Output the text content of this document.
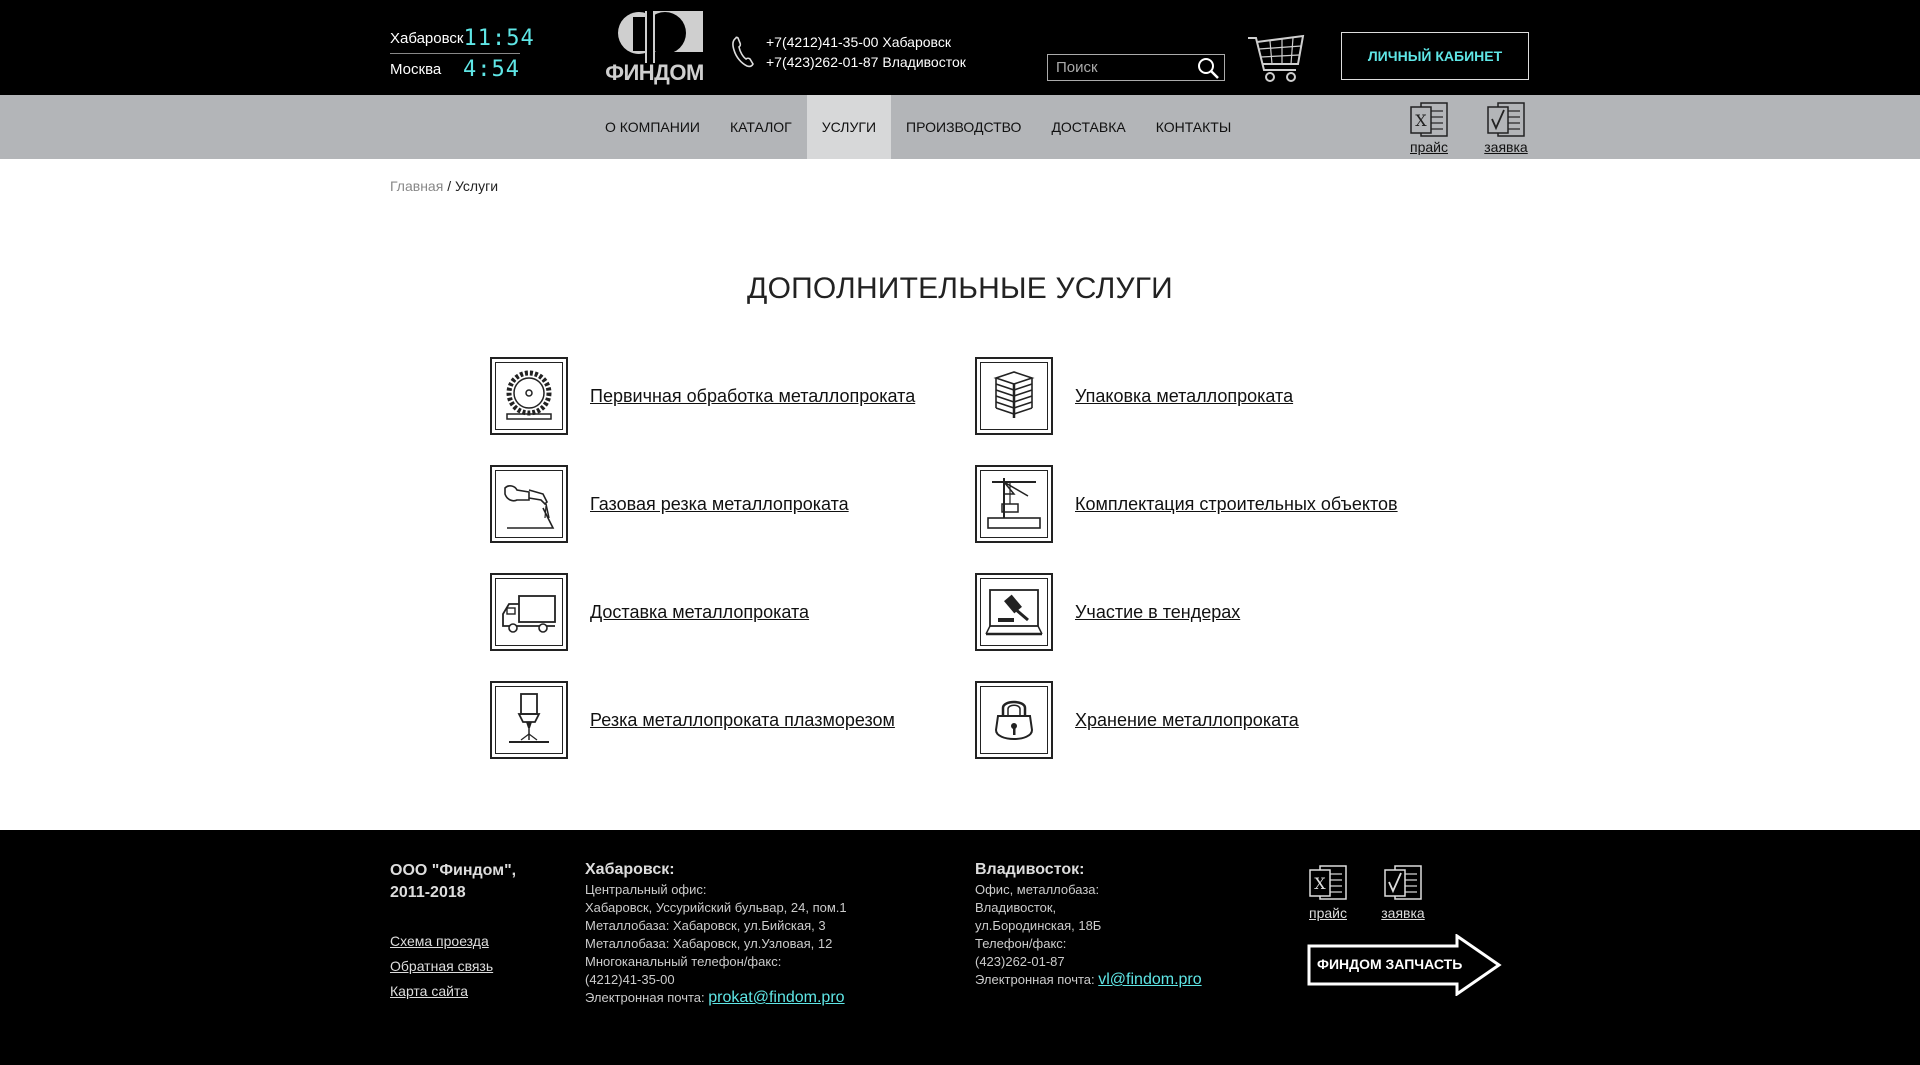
Хабаровск 11:54
Москва 4:54	ФИНДОМ
+7(4212)41-35-00 Хабаровск
+7(423)262-01-87 Владивосток
Поиск	ЛИЧНЫЙ КАБИНЕТ
О КОМПАНИИ	КАТАЛОГ	УСЛУГИ	ПРОИЗВОДСТВО	ДОСТАВКА	КОНТАКТЫ	X
прайс	заявка
Главная / Услуги
ДОПОЛНИТЕЛЬНЫЕ УСЛУГИ
Первичная обработка металлопроката	Упаковка металлопроката
Газовая резка металлопроката	Комплектация строительных объектов
Доставка металлопроката	Участие в тендерах
Резка металлопроката плазморезом	Хранение металлопроката
ООО "Финдом",
2011-2018
Схема проезда
Обратная связь
Карта сайта
Хабаровск:
Центральный офис:
Хабаровск, Уссурийский бульвар, 24, пом.1
Металлобаза: Хабаровск, ул.Бийская, 3
Металлобаза: Хабаровск, ул.Узловая, 12
Многоканальный телефон/факс:
(4212)41-35-00
Электронная почта: prokat@findom.pro
Владивосток:
Офис, металлобаза:
Владивосток,
ул.Бородинская, 18Б
Телефон/факс:
(423)262-01-87
Электронная почта: vl@findom.pro
X
прайс	заявка
ФИНДОМ ЗАПЧАСТЬ
